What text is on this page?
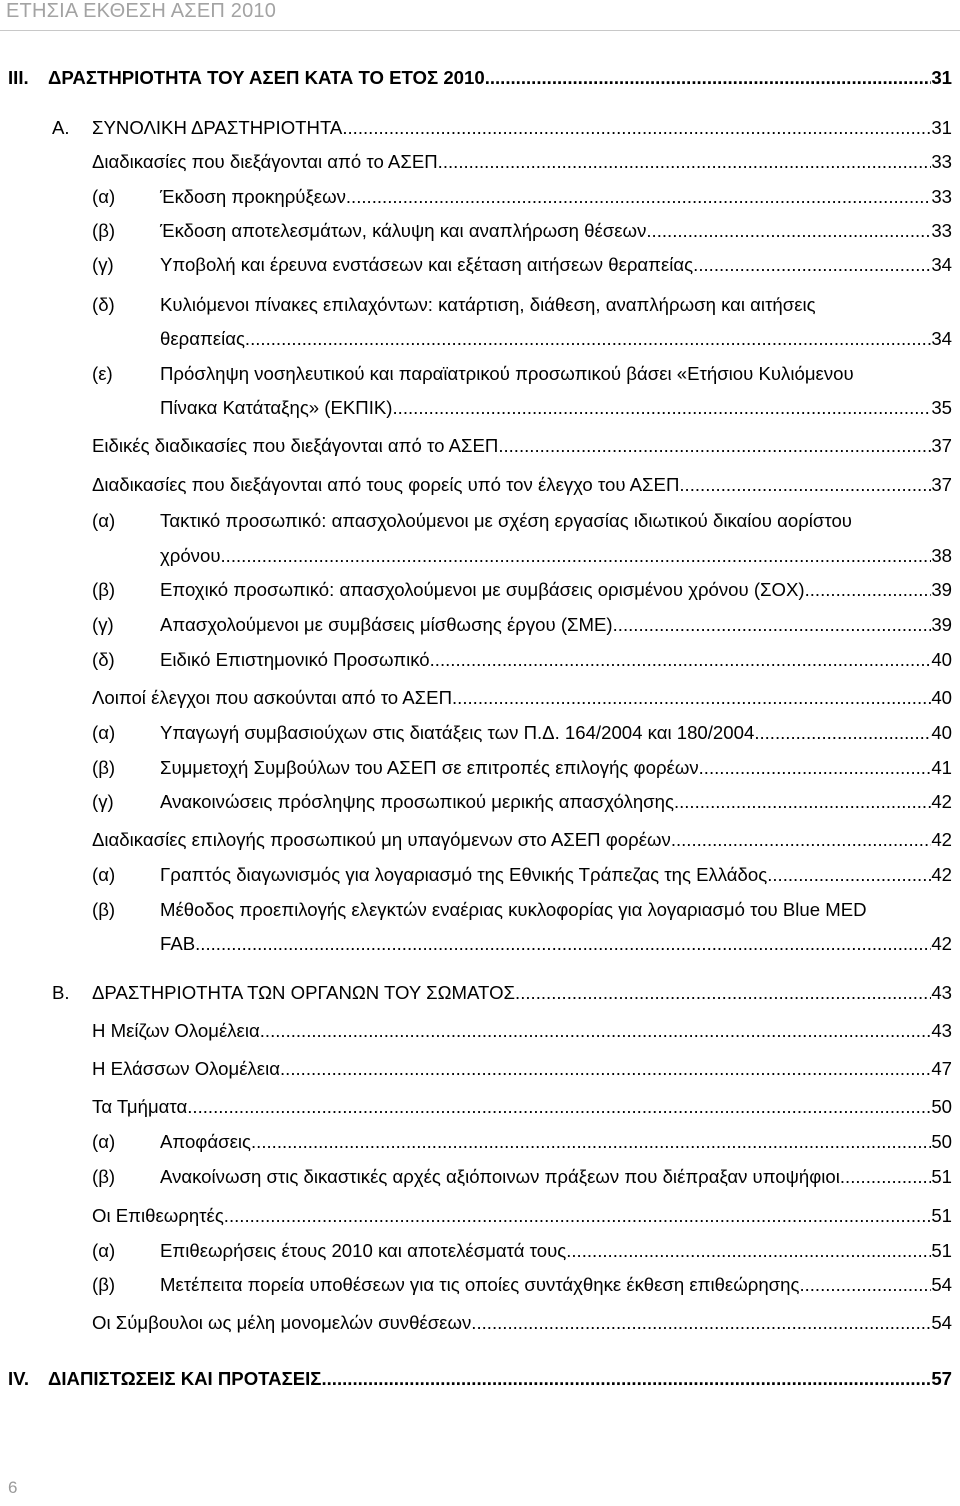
ΕΤΗΣΙΑ ΕΚΘΕΣΗ ΑΣΕΠ 2010
III. ΔΡΑΣΤΗΡΙΟΤΗΤΑ ΤΟΥ ΑΣΕΠ ΚΑΤΑ ΤΟ ΕΤΟΣ 2010 .....	31
Α. ΣΥΝΟΛΙΚΗ ΔΡΑΣΤΗΡΙΟΤΗΤΑ .....	31
Διαδικασίες που διεξάγονται από το ΑΣΕΠ .....	33
(α) Έκδοση προκηρύξεων .....	33
(β) Έκδοση αποτελεσμάτων, κάλυψη και αναπλήρωση θέσεων .....	33
(γ) Υποβολή και έρευνα ενστάσεων και εξέταση αιτήσεων θεραπείας .....	34
(δ) Κυλιόμενοι πίνακες επιλαχόντων: κατάρτιση, διάθεση, αναπλήρωση και αιτήσεις
θεραπείας .....	34
(ε)	Πρόσληψη νοσηλευτικού και παραϊατρικού προσωπικού βάσει «Ετήσιου Κυλιόμενου
Πίνακα Κατάταξης» (ΕΚΠΙΚ) .....	35
Ειδικές διαδικασίες που διεξάγονται από το ΑΣΕΠ .....	37
Διαδικασίες που διεξάγονται από τους φορείς υπό τον έλεγχο του ΑΣΕΠ .....	37
(α) Τακτικό προσωπικό: απασχολούμενοι με σχέση εργασίας ιδιωτικού δικαίου αορίστου
χρόνου .....	38
(β) Εποχικό προσωπικό: απασχολούμενοι με συμβάσεις ορισμένου χρόνου (ΣΟΧ) .....	39
(γ) Απασχολούμενοι με συμβάσεις μίσθωσης έργου (ΣΜΕ) .....	39
(δ) Ειδικό Επιστημονικό Προσωπικό .....	40
Λοιποί έλεγχοι που ασκούνται από το ΑΣΕΠ .....	40
(α) Υπαγωγή συμβασιούχων στις διατάξεις των Π.Δ. 164/2004 και 180/2004 .....	40
(β) Συμμετοχή Συμβούλων του ΑΣΕΠ σε επιτροπές επιλογής φορέων .....	41
(γ) Ανακοινώσεις πρόσληψης προσωπικού μερικής απασχόλησης .....	42
Διαδικασίες επιλογής προσωπικού μη υπαγόμενων στο ΑΣΕΠ φορέων .....	42
(α) Γραπτός διαγωνισμός για λογαριασμό της Εθνικής Τράπεζας της Ελλάδος .....	42
(β) Μέθοδος προεπιλογής ελεγκτών εναέριας κυκλοφορίας για λογαριασμό του Blue MED
FAB .....	42
Β. ΔΡΑΣΤΗΡΙΟΤΗΤΑ ΤΩΝ ΟΡΓΑΝΩΝ ΤΟΥ ΣΩΜΑΤΟΣ .....	43
Η Μείζων Ολομέλεια .....	43
Η Ελάσσων Ολομέλεια .....	47
Τα Τμήματα .....	50
(α) Αποφάσεις .....	50
(β) Ανακοίνωση στις δικαστικές αρχές αξιόποινων πράξεων που διέπραξαν υποψήφιοι .....	51
Οι Επιθεωρητές .....	51
(α) Επιθεωρήσεις έτους 2010 και αποτελέσματά τους .....	51
(β) Μετέπειτα πορεία υποθέσεων για τις οποίες συντάχθηκε έκθεση επιθεώρησης .....	54
Οι Σύμβουλοι ως μέλη μονομελών συνθέσεων .....	54
IV. ΔΙΑΠΙΣΤΩΣΕΙΣ ΚΑΙ ΠΡΟΤΑΣΕΙΣ .....	57
6
